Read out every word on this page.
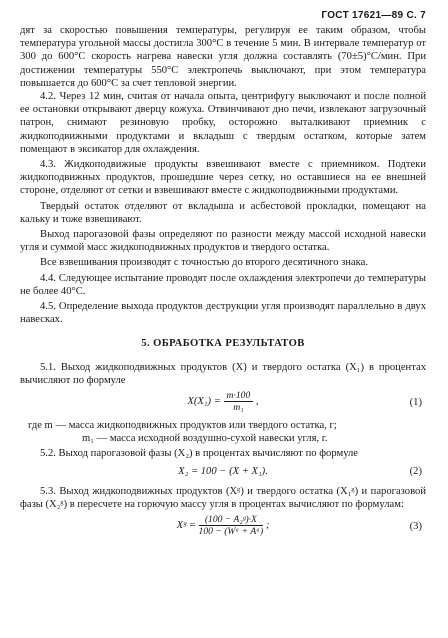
ГОСТ 17621—89 С. 7

дят за скоростью повышения температуры, регулируя ее таким образом, чтобы температура угольной массы достигла 300°С в течение 5 мин. В интервале температур от 300 до 600°С скорость нагрева навески угля должна составлять (70±5)°С/мин. При достижении температуры 550°С электропечь выключают, при этом температура повышается до 600°С за счет тепловой энергии.

4.2. Через 12 мин, считая от начала опыта, центрифугу выключают и после полной ее остановки открывают дверцу кожуха. Отвинчивают дно печи, извлекают загрузочный патрон, снимают резиновую пробку, осторожно выталкивают приемник с жидкоподвижными продуктами и вкладыш с твердым остатком, которые затем помещают в эксикатор для охлаждения.

4.3. Жидкоподвижные продукты взвешивают вместе с приемником. Подтеки жидкоподвижных продуктов, прошедшие через сетку, но оставшиеся на ее внешней стороне, отделяют от сетки и взвешивают вместе с жидкоподвижными продуктами.

Твердый остаток отделяют от вкладыша и асбестовой прокладки, помещают на кальку и тоже взвешивают.

Выход парогазовой фазы определяют по разности между массой исходной навески угля и суммой масс жидкоподвижных продуктов и твердого остатка.

Все взвешивания производят с точностью до второго десятичного знака.

4.4. Следующее испытание проводят после охлаждения электропечи до температуры не более 40°С.

4.5. Определение выхода продуктов деструкции угля производят параллельно в двух навесках.

5. ОБРАБОТКА РЕЗУЛЬТАТОВ

5.1. Выход жидкоподвижных продуктов (X) и твердого остатка (X₁) в процентах вычисляют по формуле

$X(X_1) = \frac{m\cdot 100}{\text{m₁}}$ ,	(1)

где m — масса жидкоподвижных продуктов или твердого остатка, г;

m₁ — масса исходной воздушно-сухой навески угля, г.

5.2. Выход парогазовой фазы (X₂) в процентах вычисляют по формуле

X₂ = 100 − (X + X₁).	(2)

5.3. Выход жидкоподвижных продуктов (Xᵍ) и твердого остатка (X₁ᵍ) и парогазовой фазы (X₂ᵍ) в пересчете на горючую массу угля в процентах вычисляют по формулам:

Xᵍ = $\frac{\text{(100 − A₂ᵍ)·X}}{\text{100 − (Wᵃ + Aᵃ)}}$ ;	(3)
